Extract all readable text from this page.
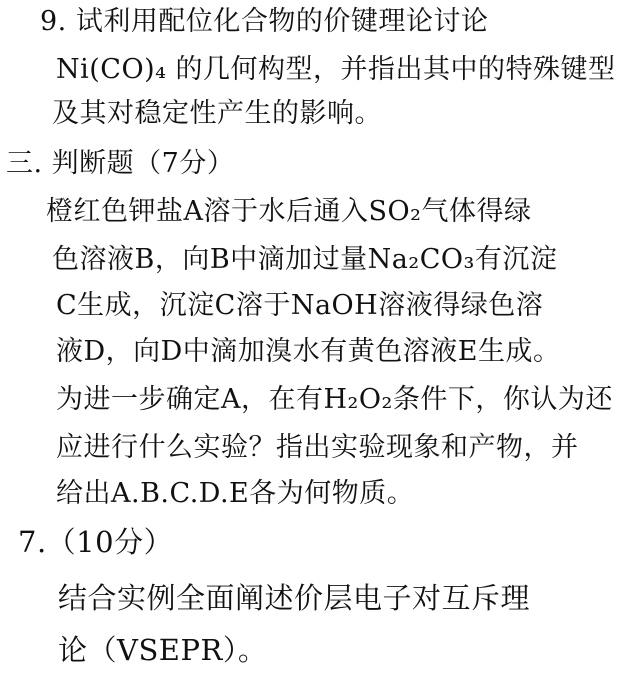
9. 试利用配位化合物的价键理论讨论
Ni(CO)₄ 的几何构型，并指出其中的特殊键型
及其对稳定性产生的影响。
三. 判断题（7分）
橙红色钾盐A溶于水后通入SO₂气体得绿
色溶液B，向B中滴加过量Na₂CO₃有沉淀
C生成，沉淀C溶于NaOH溶液得绿色溶
液D，向D中滴加溴水有黄色溶液E生成。
为进一步确定A，在有H₂O₂条件下，你认为还
应进行什么实验？指出实验现象和产物，并
给出A.B.C.D.E各为何物质。
7.（10分）
结合实例全面阐述价层电子对互斥理
论（VSEPR）。
